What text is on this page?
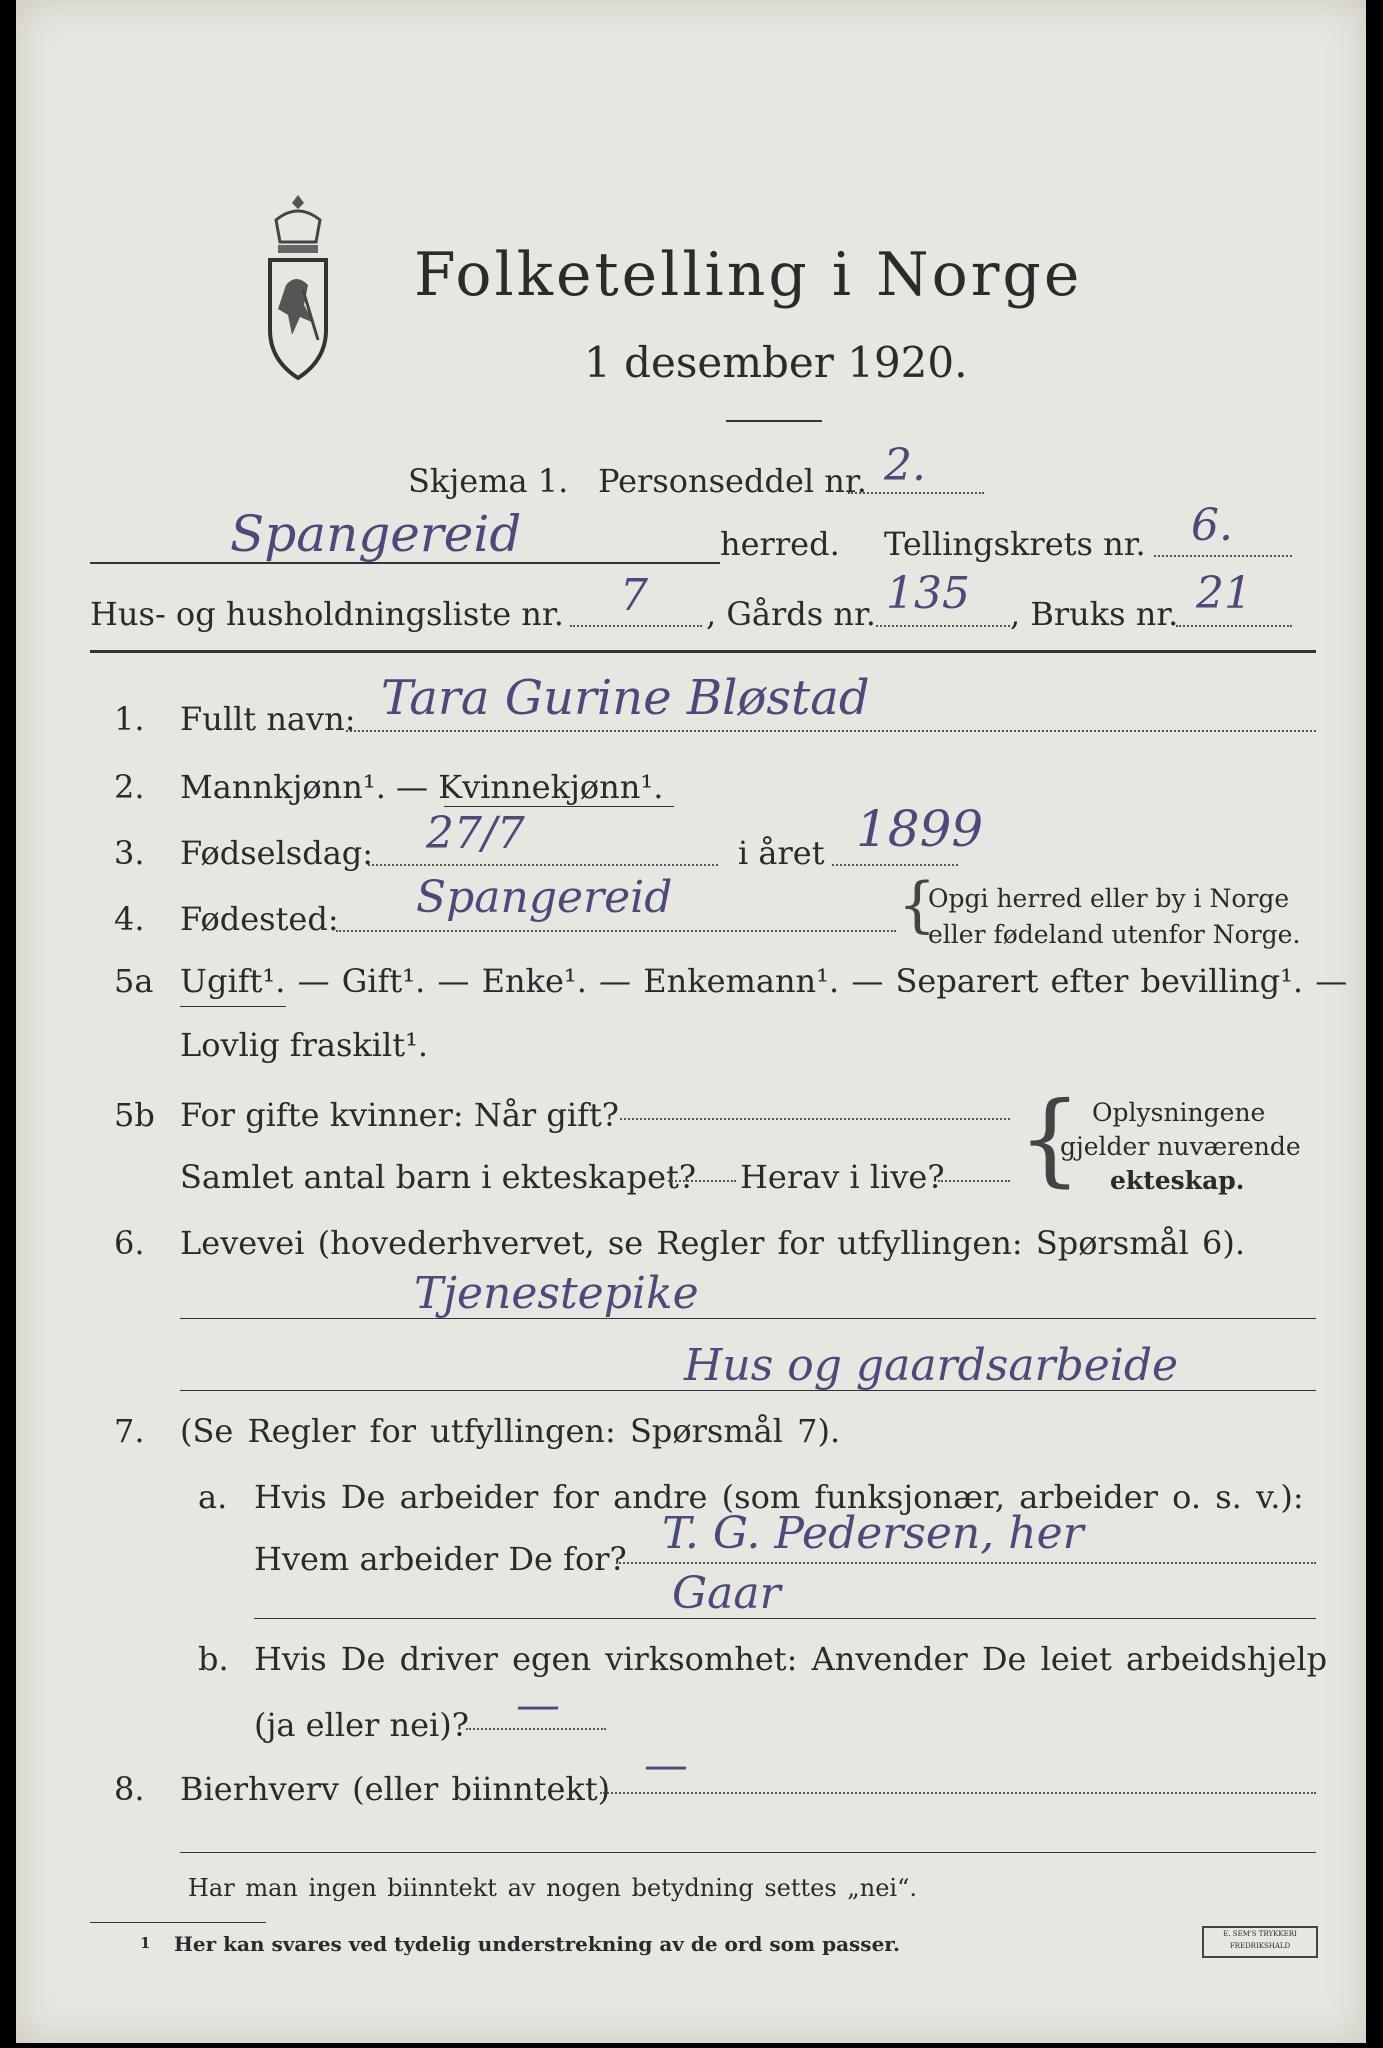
Folketelling i Norge
1 desember 1920.
Skjema 1. Personseddel nr. 2.
Spangereid	herred. Tellingskrets nr. 6.
Hus- og husholdningsliste nr. 7 , Gårds nr. 135 , Bruks nr. 21
1. Fullt navn: Tara Gurine Bløstad
2. Mannkjønn¹. — Kvinnekjønn¹.
3. Fødselsdag: 27/7	i året 1899
4. Fødested: Spangereid	{
Opgi herred eller by i Norge
eller fødeland utenfor Norge.
5a Ugift¹. — Gift¹. — Enke¹. — Enkemann¹. — Separert efter bevilling¹. —
Lovlig fraskilt¹.
5b For gifte kvinner: Når gift?
Samlet antal barn i ekteskapet? Herav i live? { Oplysningene
gjelder nuværende
ekteskap.
6. Levevei (hovederhvervet, se Regler for utfyllingen: Spørsmål 6).
Tjenestepike
Hus og gaardsarbeide
7. (Se Regler for utfyllingen: Spørsmål 7).
a. Hvis De arbeider for andre (som funksjonær, arbeider o. s. v.):
Hvem arbeider De for? T. G. Pedersen, her
Gaar
b. Hvis De driver egen virksomhet: Anvender De leiet arbeidshjelp
(ja eller nei)? —
8. Bierhverv (eller biinntekt) —
Har man ingen biinntekt av nogen betydning settes „nei“.
1 Her kan svares ved tydelig understrekning av de ord som passer.	E. SEM'S TRYKKERI FREDRIKSHALD
